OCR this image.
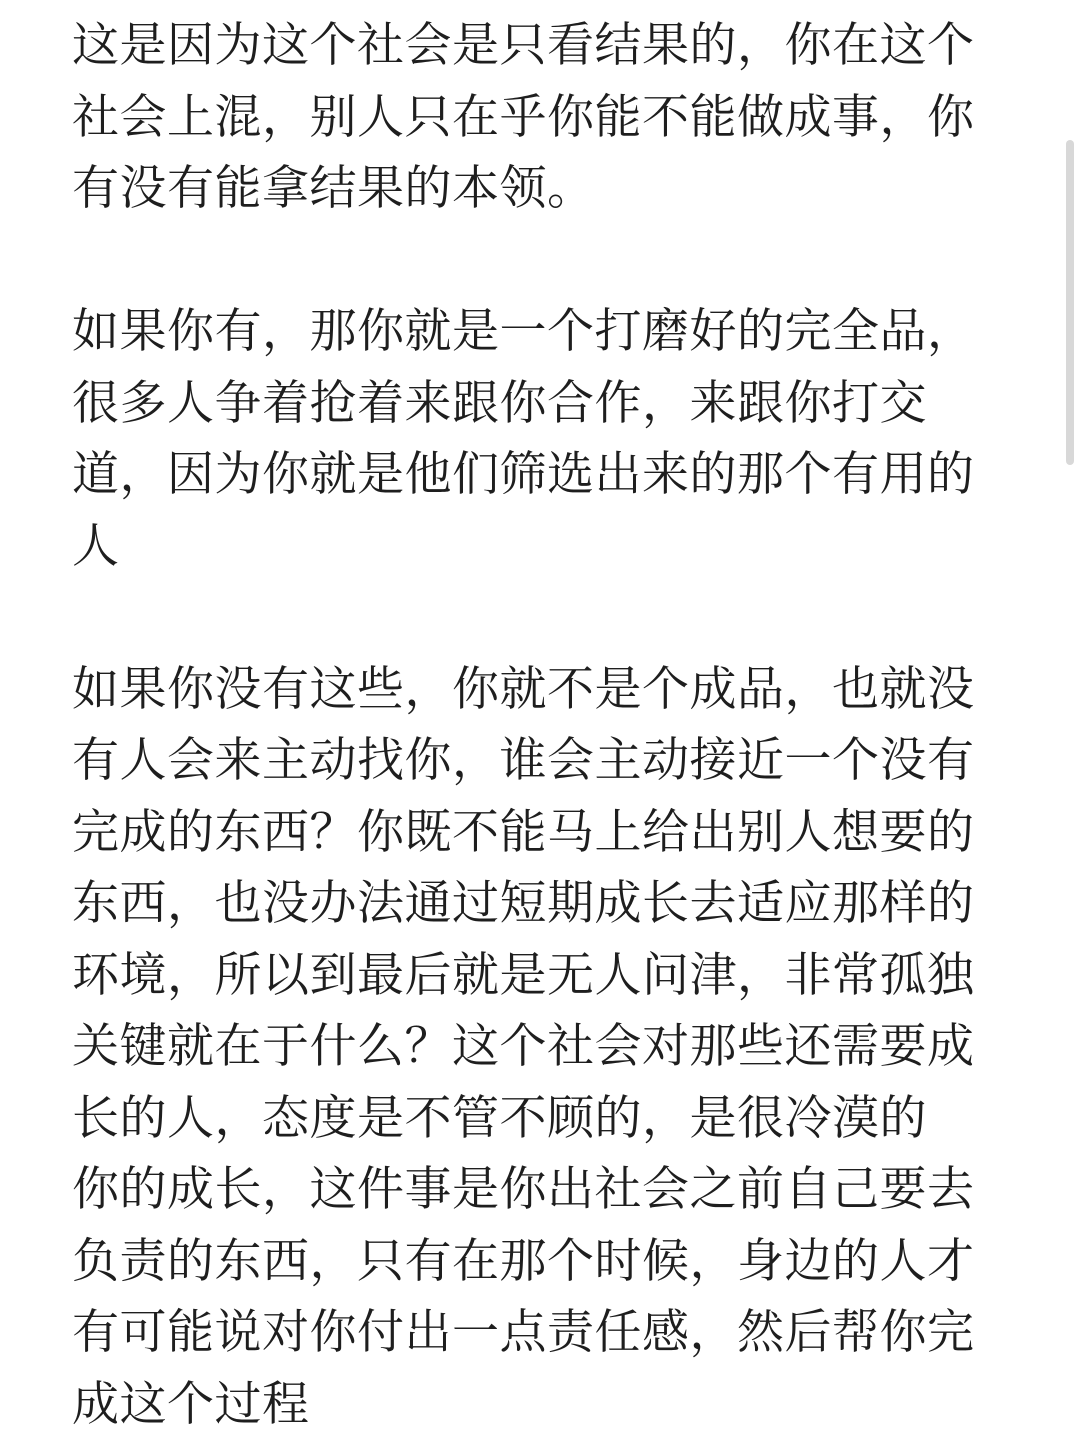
这是因为这个社会是只看结果的，你在这个
社会上混，别人只在乎你能不能做成事，你
有没有能拿结果的本领。
如果你有，那你就是一个打磨好的完全品，
很多人争着抢着来跟你合作，来跟你打交
道，因为你就是他们筛选出来的那个有用的
人
如果你没有这些，你就不是个成品，也就没
有人会来主动找你，谁会主动接近一个没有
完成的东西？你既不能马上给出别人想要的
东西，也没办法通过短期成长去适应那样的
环境，所以到最后就是无人问津，非常孤独
关键就在于什么？这个社会对那些还需要成
长的人，态度是不管不顾的，是很冷漠的
你的成长，这件事是你出社会之前自己要去
负责的东西，只有在那个时候，身边的人才
有可能说对你付出一点责任感，然后帮你完
成这个过程
